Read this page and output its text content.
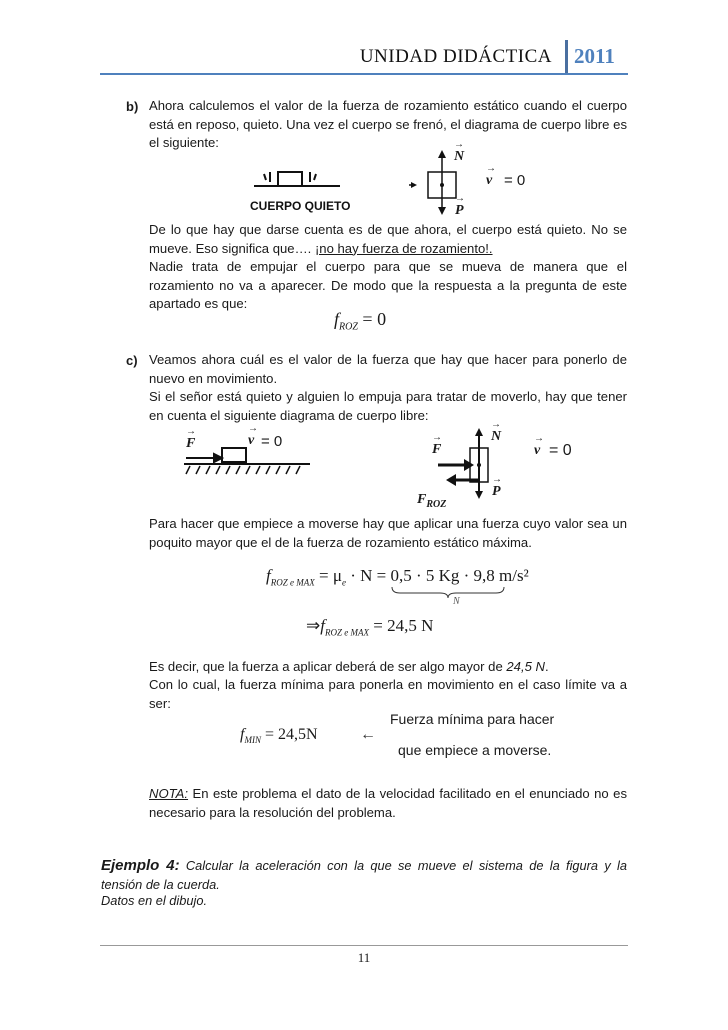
UNIDAD DIDÁCTICA 2011
b) Ahora calculemos el valor de la fuerza de rozamiento estático cuando el cuerpo está en reposo, quieto. Una vez el cuerpo se frenó, el diagrama de cuerpo libre es el siguiente:
CUERPO QUIETO
N
→
P
→
v
→
= 0
De lo que hay que darse cuenta es de que ahora, el cuerpo está quieto. No se mueve. Eso significa que…. ¡no hay fuerza de rozamiento!.
Nadie trata de empujar el cuerpo para que se mueva de manera que el rozamiento no va a aparecer. De modo que la respuesta a la pregunta de este apartado es que:
$f_{ROZ} = 0$
c) Veamos ahora cuál es el valor de la fuerza que hay que hacer para ponerlo de nuevo en movimiento.
Si el señor está quieto y alguien lo empuja para tratar de moverlo, hay que tener en cuenta el siguiente diagrama de cuerpo libre:
F
→
v
→
= 0	F
→	N
→
P
→
$F_{ROZ}$
v
→
= 0
Para hacer que empiece a moverse hay que aplicar una fuerza cuyo valor sea un poquito mayor que el de la fuerza de rozamiento estático máxima.
$f_{ROZ e MAX} = \mu_e \cdot N = 0,5 \cdot 5$ Kg · 9,8 m/s²
N
$\Rightarrow f_{ROZ e MAX} = 24,5$ N
Es decir, que la fuerza a aplicar deberá de ser algo mayor de 24,5 N.
Con lo cual, la fuerza mínima para ponerla en movimiento en el caso límite va a ser:
$f_{MIN} = 24,5N$	←
Fuerza mínima para hacer
que empiece a moverse.
NOTA: En este problema el dato de la velocidad facilitado en el enunciado no es necesario para la resolución del problema.
Ejemplo 4: Calcular la aceleración con la que se mueve el sistema de la figura y la tensión de la cuerda.
Datos en el dibujo.
11
